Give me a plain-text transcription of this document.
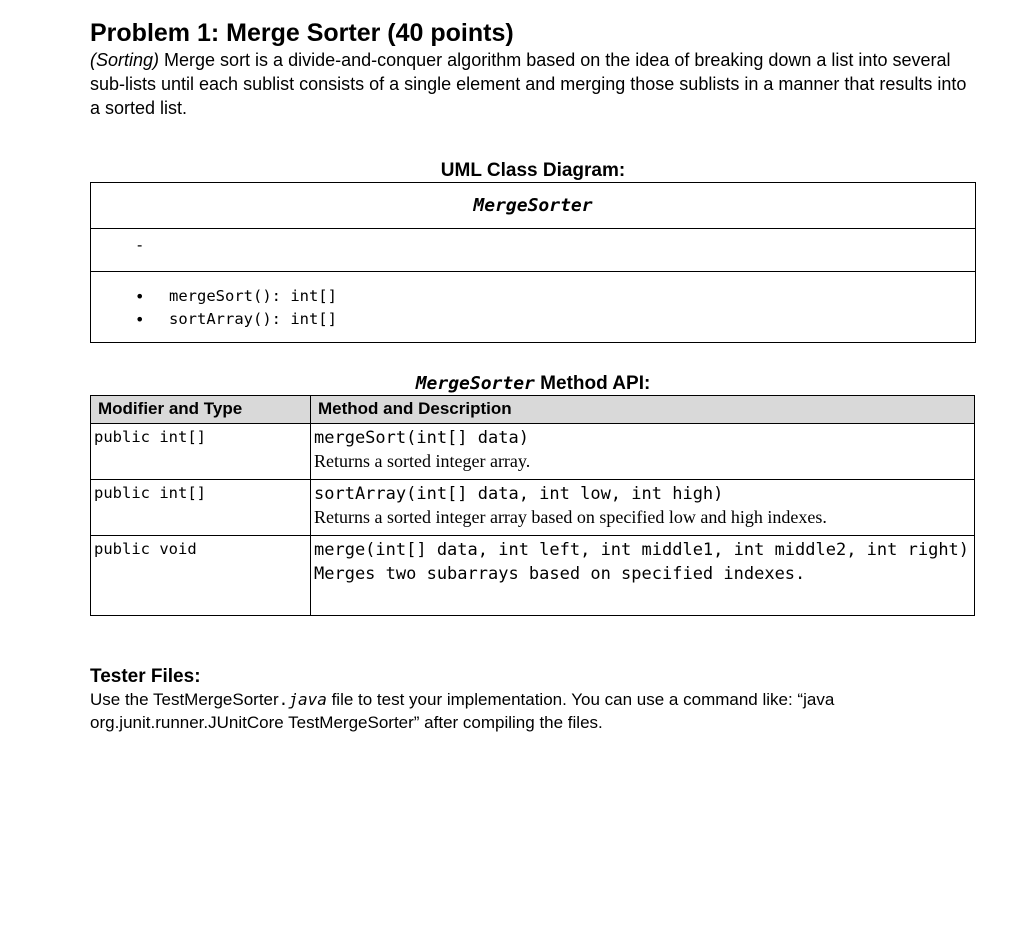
Problem 1: Merge Sorter (40 points)

(Sorting) Merge sort is a divide-and-conquer algorithm based on the idea of breaking down a list into several sub-lists until each sublist consists of a single element and merging those sublists in a manner that results into a sorted list.

UML Class Diagram:
MergeSorter
-
• mergeSort(): int[]
• sortArray(): int[]
MergeSorter Method API:
Modifier and Type	Method and Description
public int[]	mergeSort(int[] data)
Returns a sorted integer array.

public int[]	sortArray(int[] data, int low, int high)
Returns a sorted integer array based on specified low and high indexes.

public void	merge(int[] data, int left, int middle1, int middle2, int right)
Merges two subarrays based on specified indexes.
Tester Files:
Use the TestMergeSorter.java file to test your implementation. You can use a command like: “java org.junit.runner.JUnitCore TestMergeSorter” after compiling the files.
